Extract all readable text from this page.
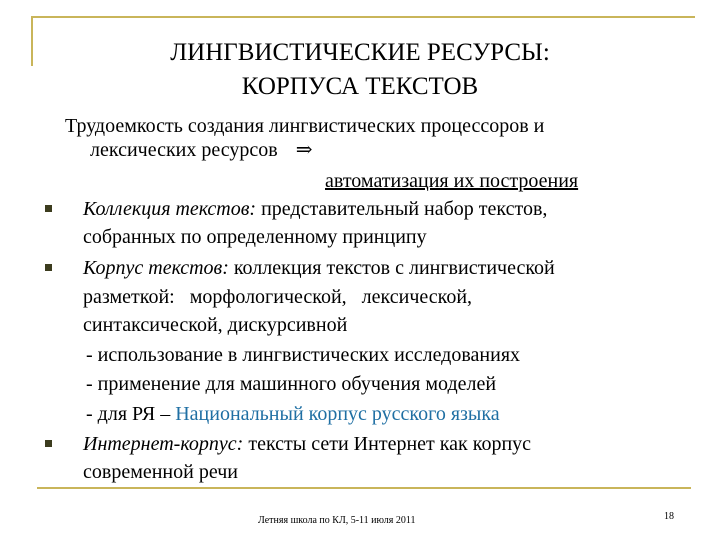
ЛИНГВИСТИЧЕСКИЕ РЕСУРСЫ:
КОРПУСА ТЕКСТОВ
Трудоемкость создания лингвистических процессоров и
лексических ресурсов ⇒
автоматизация их построения
Коллекция текстов: представительный набор текстов,
собранных по определенному принципу
Корпус текстов: коллекция текстов с лингвистической
разметкой:   морфологической,   лексической,
синтаксической, дискурсивной
- использование в лингвистических исследованиях
- применение для машинного обучения моделей
- для РЯ – Национальный корпус русского языка
Интернет-корпус: тексты сети Интернет как корпус
современной речи
Летняя школа по КЛ, 5-11 июля 2011	18
